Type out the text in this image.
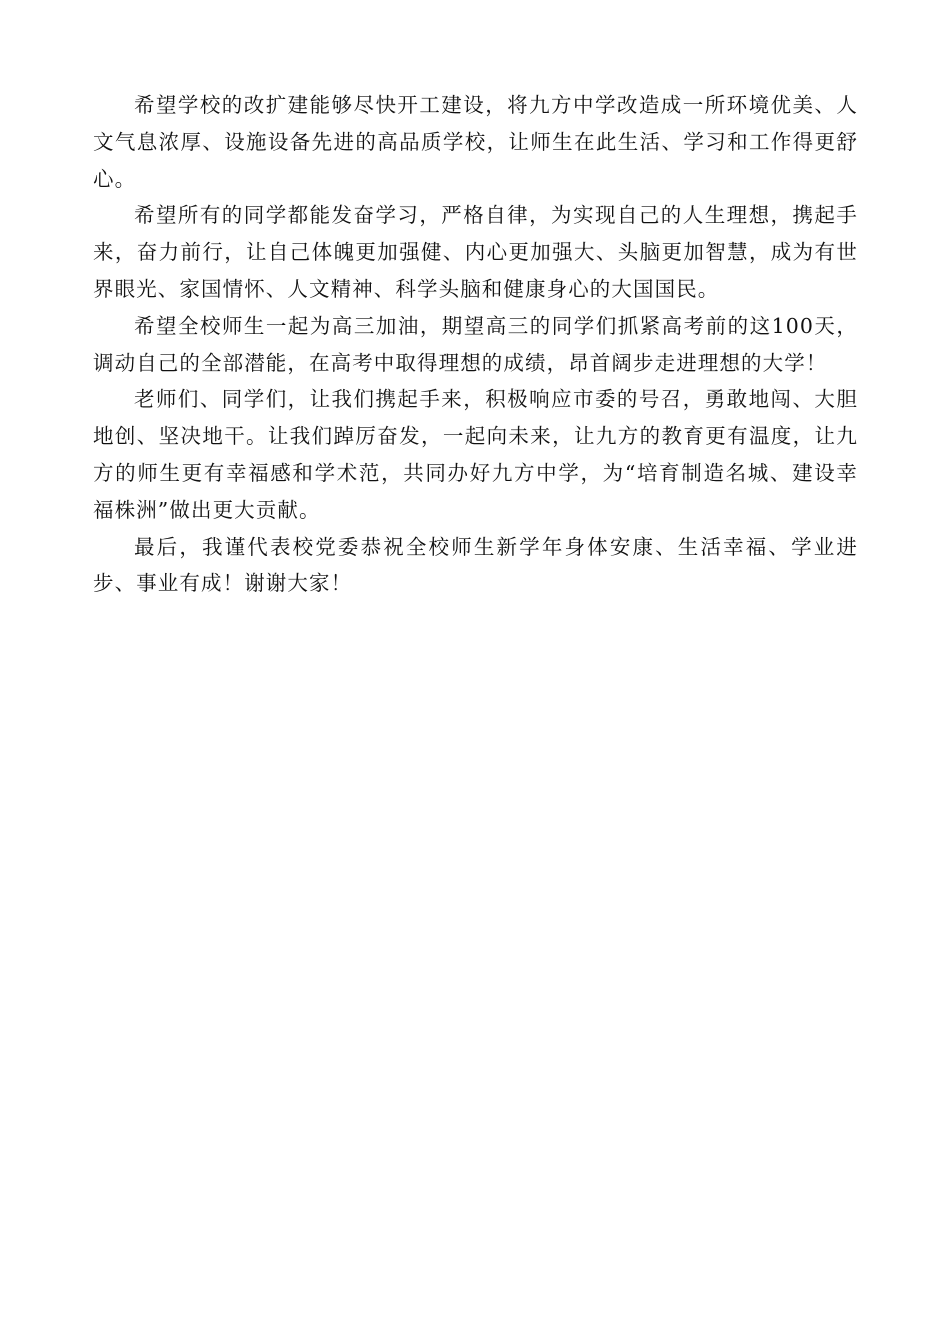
希望学校的改扩建能够尽快开工建设，将九方中学改造成一所环境优美、人文气息浓厚、设施设备先进的高品质学校，让师生在此生活、学习和工作得更舒心。

希望所有的同学都能发奋学习，严格自律，为实现自己的人生理想，携起手来，奋力前行，让自己体魄更加强健、内心更加强大、头脑更加智慧，成为有世界眼光、家国情怀、人文精神、科学头脑和健康身心的大国国民。

希望全校师生一起为高三加油，期望高三的同学们抓紧高考前的这100天，调动自己的全部潜能，在高考中取得理想的成绩，昂首阔步走进理想的大学！

老师们、同学们，让我们携起手来，积极响应市委的号召，勇敢地闯、大胆地创、坚决地干。让我们踔厉奋发，一起向未来，让九方的教育更有温度，让九方的师生更有幸福感和学术范，共同办好九方中学，为“培育制造名城、建设幸福株洲”做出更大贡献。

最后，我谨代表校党委恭祝全校师生新学年身体安康、生活幸福、学业进步、事业有成！谢谢大家！
